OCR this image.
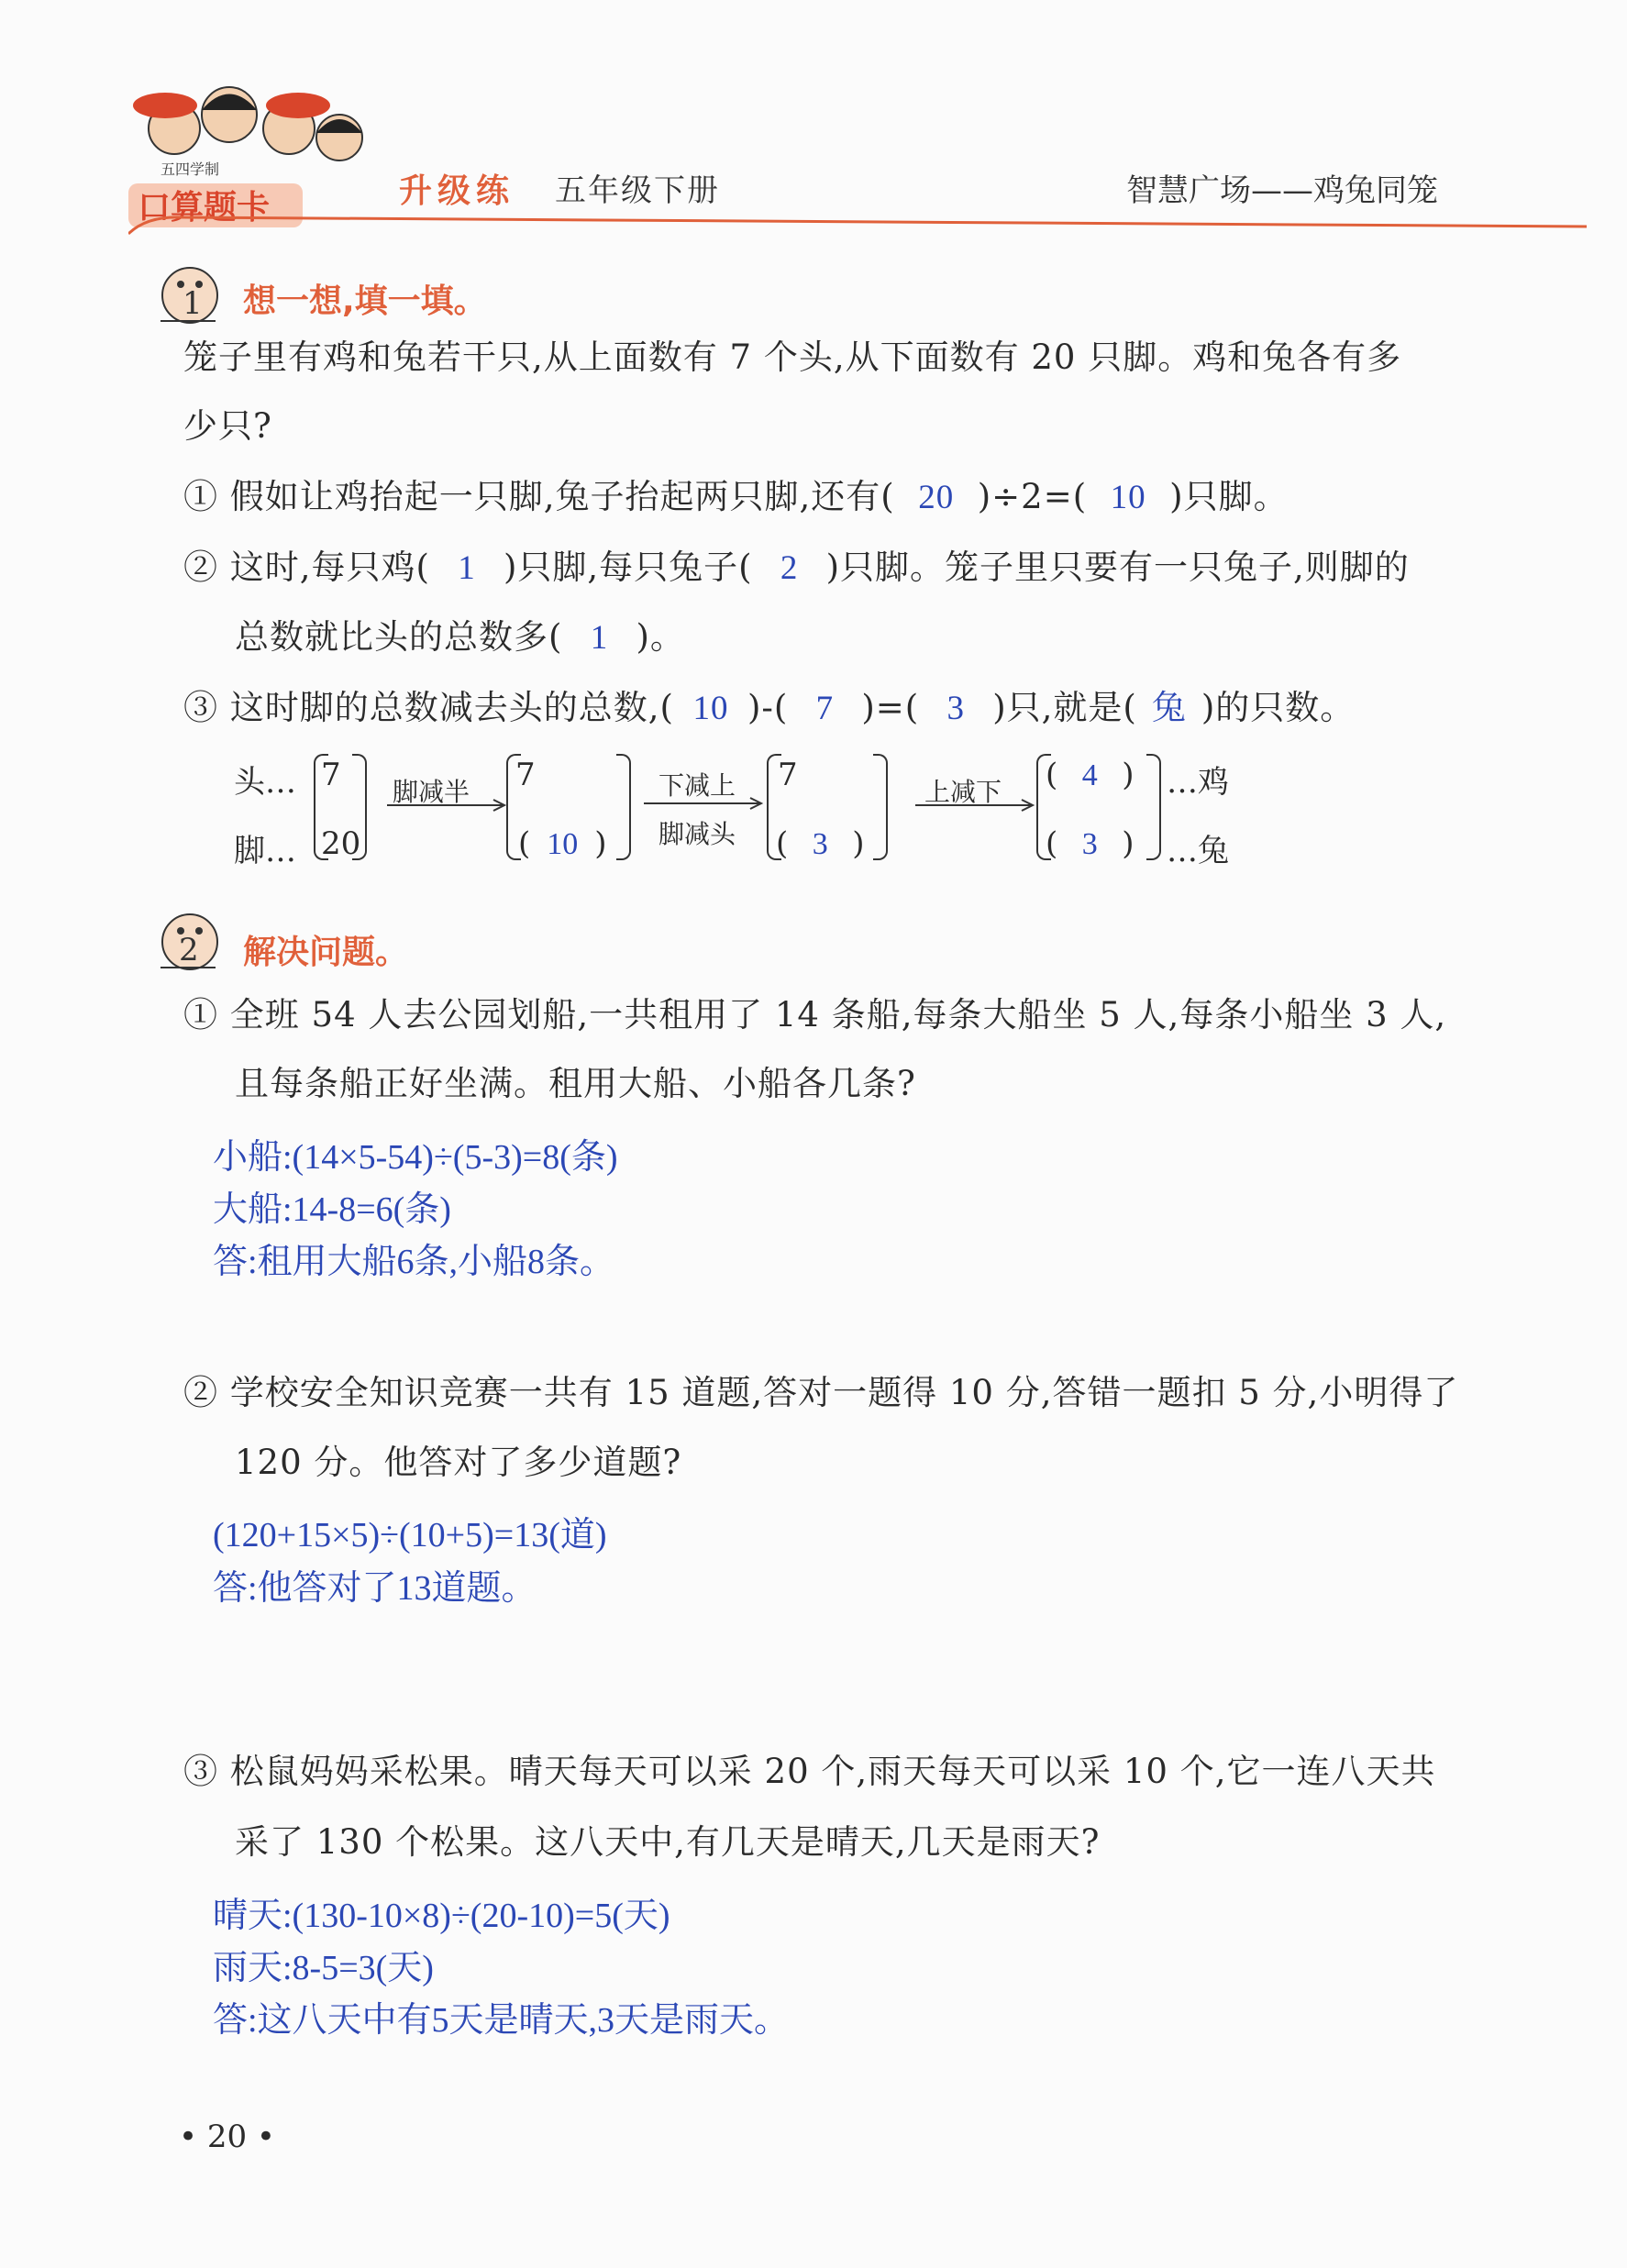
五四学制
口算题卡	升级练 五年级下册	智慧广场——鸡兔同笼
1 想一想,填一填。
笼子里有鸡和兔若干只,从上面数有 7 个头,从下面数有 20 只脚。鸡和兔各有多
少只?
① 假如让鸡抬起一只脚,兔子抬起两只脚,还有( 20 )÷2=( 10 )只脚。
② 这时,每只鸡( 1 )只脚,每只兔子( 2 )只脚。笼子里只要有一只兔子,则脚的
总数就比头的总数多( 1 )。
③ 这时脚的总数减去头的总数,( 10 )-( 7 )=( 3 )只,就是( 兔 )的只数。
头…
脚…
7
20
脚减半 7
( 10 )
下减上
脚减头
7
( 3 )
上减下 ( 4 )
( 3 )
…鸡
…兔
2 解决问题。
① 全班 54 人去公园划船,一共租用了 14 条船,每条大船坐 5 人,每条小船坐 3 人,
且每条船正好坐满。租用大船、小船各几条?
小船:(14×5-54)÷(5-3)=8(条)
大船:14-8=6(条)
答:租用大船6条,小船8条。
② 学校安全知识竞赛一共有 15 道题,答对一题得 10 分,答错一题扣 5 分,小明得了
120 分。他答对了多少道题?
(120+15×5)÷(10+5)=13(道)
答:他答对了13道题。
③ 松鼠妈妈采松果。晴天每天可以采 20 个,雨天每天可以采 10 个,它一连八天共
采了 130 个松果。这八天中,有几天是晴天,几天是雨天?
晴天:(130-10×8)÷(20-10)=5(天)
雨天:8-5=3(天)
答:这八天中有5天是晴天,3天是雨天。
• 20 •
